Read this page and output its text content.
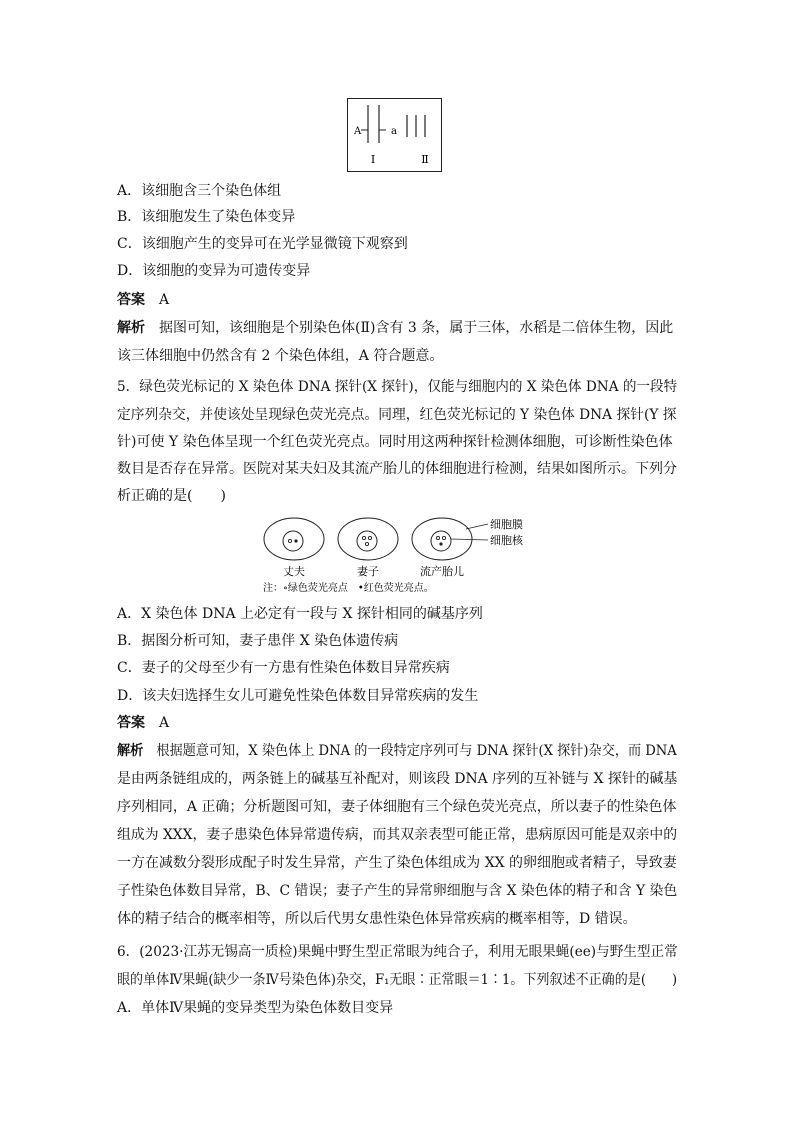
A	a
Ⅰ	Ⅱ
A．该细胞含三个染色体组
B．该细胞发生了染色体变异
C．该细胞产生的变异可在光学显微镜下观察到
D．该细胞的变异为可遗传变异
答案　 A
解析　 据图可知，该细胞是个别染色体(Ⅱ)含有 3 条，属于三体，水稻是二倍体生物，因此
该三体细胞中仍然含有 2 个染色体组，A 符合题意。
5．绿色荧光标记的 X 染色体 DNA 探针(X 探针)，仅能与细胞内的 X 染色体 DNA 的一段特
定序列杂交，并使该处呈现绿色荧光亮点。同理，红色荧光标记的 Y 染色体 DNA 探针(Y 探
针)可使 Y 染色体呈现一个红色荧光亮点。同时用这两种探针检测体细胞，可诊断性染色体
数目是否存在异常。医院对某夫妇及其流产胎儿的体细胞进行检测，结果如图所示。下列分
析正确的是(　　)
丈夫	妻子	流产胎儿
细胞膜
细胞核
注：∘绿色荧光亮点　•红色荧光亮点。
A．X 染色体 DNA 上必定有一段与 X 探针相同的碱基序列
B．据图分析可知，妻子患伴 X 染色体遗传病
C．妻子的父母至少有一方患有性染色体数目异常疾病
D．该夫妇选择生女儿可避免性染色体数目异常疾病的发生
答案　 A
解析　 根据题意可知，X 染色体上 DNA 的一段特定序列可与 DNA 探针(X 探针)杂交，而 DNA
是由两条链组成的，两条链上的碱基互补配对，则该段 DNA 序列的互补链与 X 探针的碱基
序列相同，A 正确；分析题图可知，妻子体细胞有三个绿色荧光亮点，所以妻子的性染色体
组成为 XXX，妻子患染色体异常遗传病，而其双亲表型可能正常，患病原因可能是双亲中的
一方在减数分裂形成配子时发生异常，产生了染色体组成为 XX 的卵细胞或者精子，导致妻
子性染色体数目异常，B、C 错误；妻子产生的异常卵细胞与含 X 染色体的精子和含 Y 染色
体的精子结合的概率相等，所以后代男女患性染色体异常疾病的概率相等，D 错误。
6．(2023·江苏无锡高一质检)果蝇中野生型正常眼为纯合子，利用无眼果蝇(ee)与野生型正常
眼的单体Ⅳ果蝇(缺少一条Ⅳ号染色体)杂交，F₁无眼∶正常眼＝1∶1。下列叙述不正确的是(　　)
A．单体Ⅳ果蝇的变异类型为染色体数目变异
